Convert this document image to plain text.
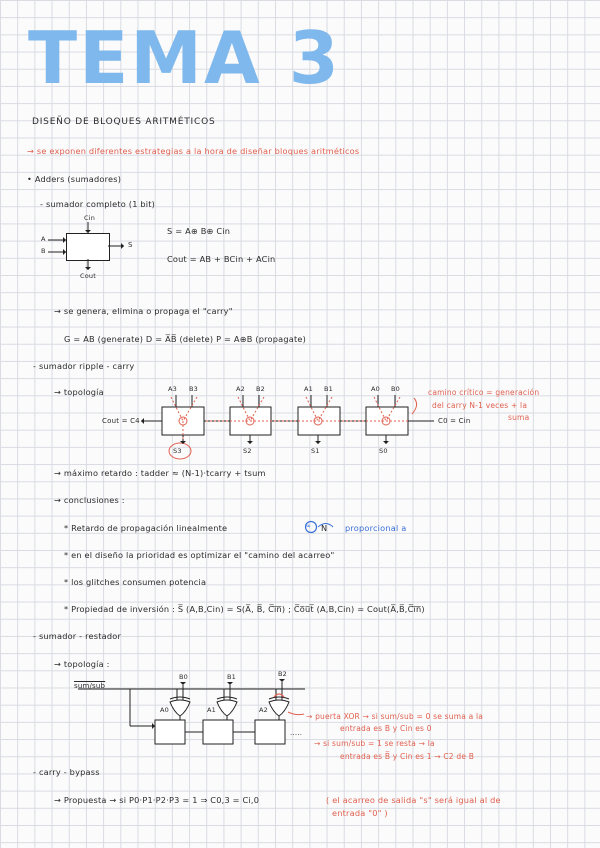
TEMA 3
DISEÑO DE BLOQUES ARITMÉTICOS
→ se exponen diferentes estrategias a la hora de diseñar bloques aritméticos
• Adders (sumadores)
- sumador completo (1 bit)
Cin
A
B
S
Cout
S = A⊕ B⊕ Cin
Cout = AB + BCin + ACin
→ se genera, elimina o propaga el "carry"
G = AB (generate) D = A̅B̅ (delete) P = A⊕B (propagate)
- sumador ripple - carry
→ topología	A3 B3	A2 B2	A1 B1	A0 B0
S3	S2	S1	S0
Cout = C4	C0 = Cin
camino crítico = generación
del carry N-1 veces + la
suma
→ máximo retardo : tadder ≈ (N-1)·tcarry + tsum
→ conclusiones :
* Retardo de propagación linealmente	∝ N proporcional a
* en el diseño la prioridad es optimizar el "camino del acarreo"
* los glitches consumen potencia
* Propiedad de inversión : S̅ (A,B,Cin) = S(A̅, B̅, C̅i̅n̅) ; C̅o̅u̅t̅ (A,B,Cin) = Cout(A̅,B̅,C̅i̅n̅)
- sumador - restador
→ topología :
sum/sub
B0	B1	B2
A0	A1	A2
.....
→ puerta XOR → si sum/sub = 0 se suma a la
entrada es B y Cin es 0
→ si sum/sub = 1 se resta → la
entrada es B̅ y Cin es 1 → C2 de B
- carry - bypass
→ Propuesta → si P0·P1·P2·P3 = 1 ⇒ C0,3 = Ci,0	( el acarreo de salida "s" será igual al de
entrada "0" )
